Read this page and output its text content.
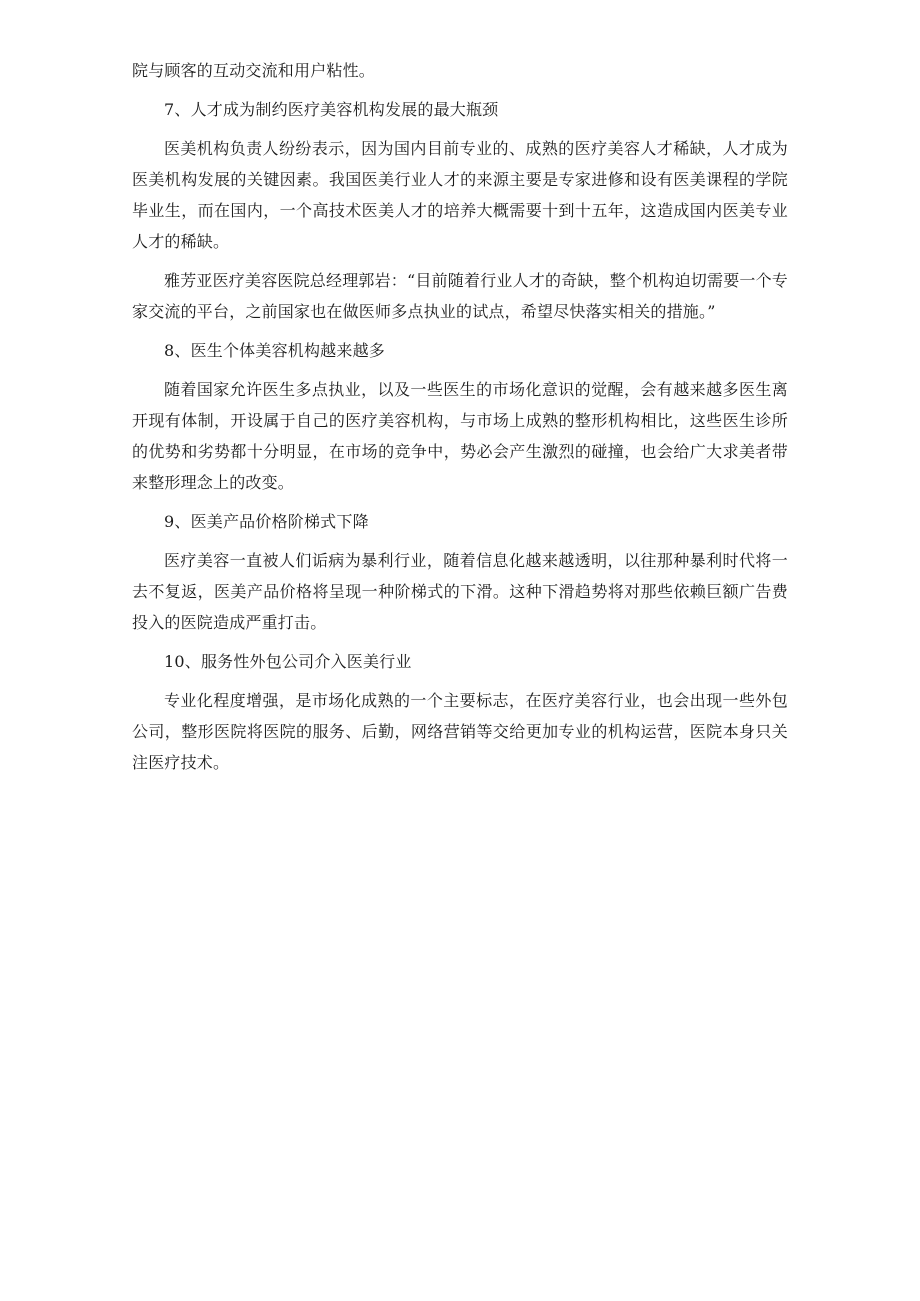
院与顾客的互动交流和用户粘性。

7、人才成为制约医疗美容机构发展的最大瓶颈

医美机构负责人纷纷表示，因为国内目前专业的、成熟的医疗美容人才稀缺，人才成为医美机构发展的关键因素。我国医美行业人才的来源主要是专家进修和设有医美课程的学院毕业生，而在国内，一个高技术医美人才的培养大概需要十到十五年，这造成国内医美专业人才的稀缺。

雅芳亚医疗美容医院总经理郭岩：“目前随着行业人才的奇缺，整个机构迫切需要一个专家交流的平台，之前国家也在做医师多点执业的试点，希望尽快落实相关的措施。”

8、医生个体美容机构越来越多

随着国家允许医生多点执业，以及一些医生的市场化意识的觉醒，会有越来越多医生离开现有体制，开设属于自己的医疗美容机构，与市场上成熟的整形机构相比，这些医生诊所的优势和劣势都十分明显，在市场的竞争中，势必会产生激烈的碰撞，也会给广大求美者带来整形理念上的改变。

9、医美产品价格阶梯式下降

医疗美容一直被人们诟病为暴利行业，随着信息化越来越透明，以往那种暴利时代将一去不复返，医美产品价格将呈现一种阶梯式的下滑。这种下滑趋势将对那些依赖巨额广告费投入的医院造成严重打击。

10、服务性外包公司介入医美行业

专业化程度增强，是市场化成熟的一个主要标志，在医疗美容行业，也会出现一些外包公司，整形医院将医院的服务、后勤，网络营销等交给更加专业的机构运营，医院本身只关注医疗技术。
